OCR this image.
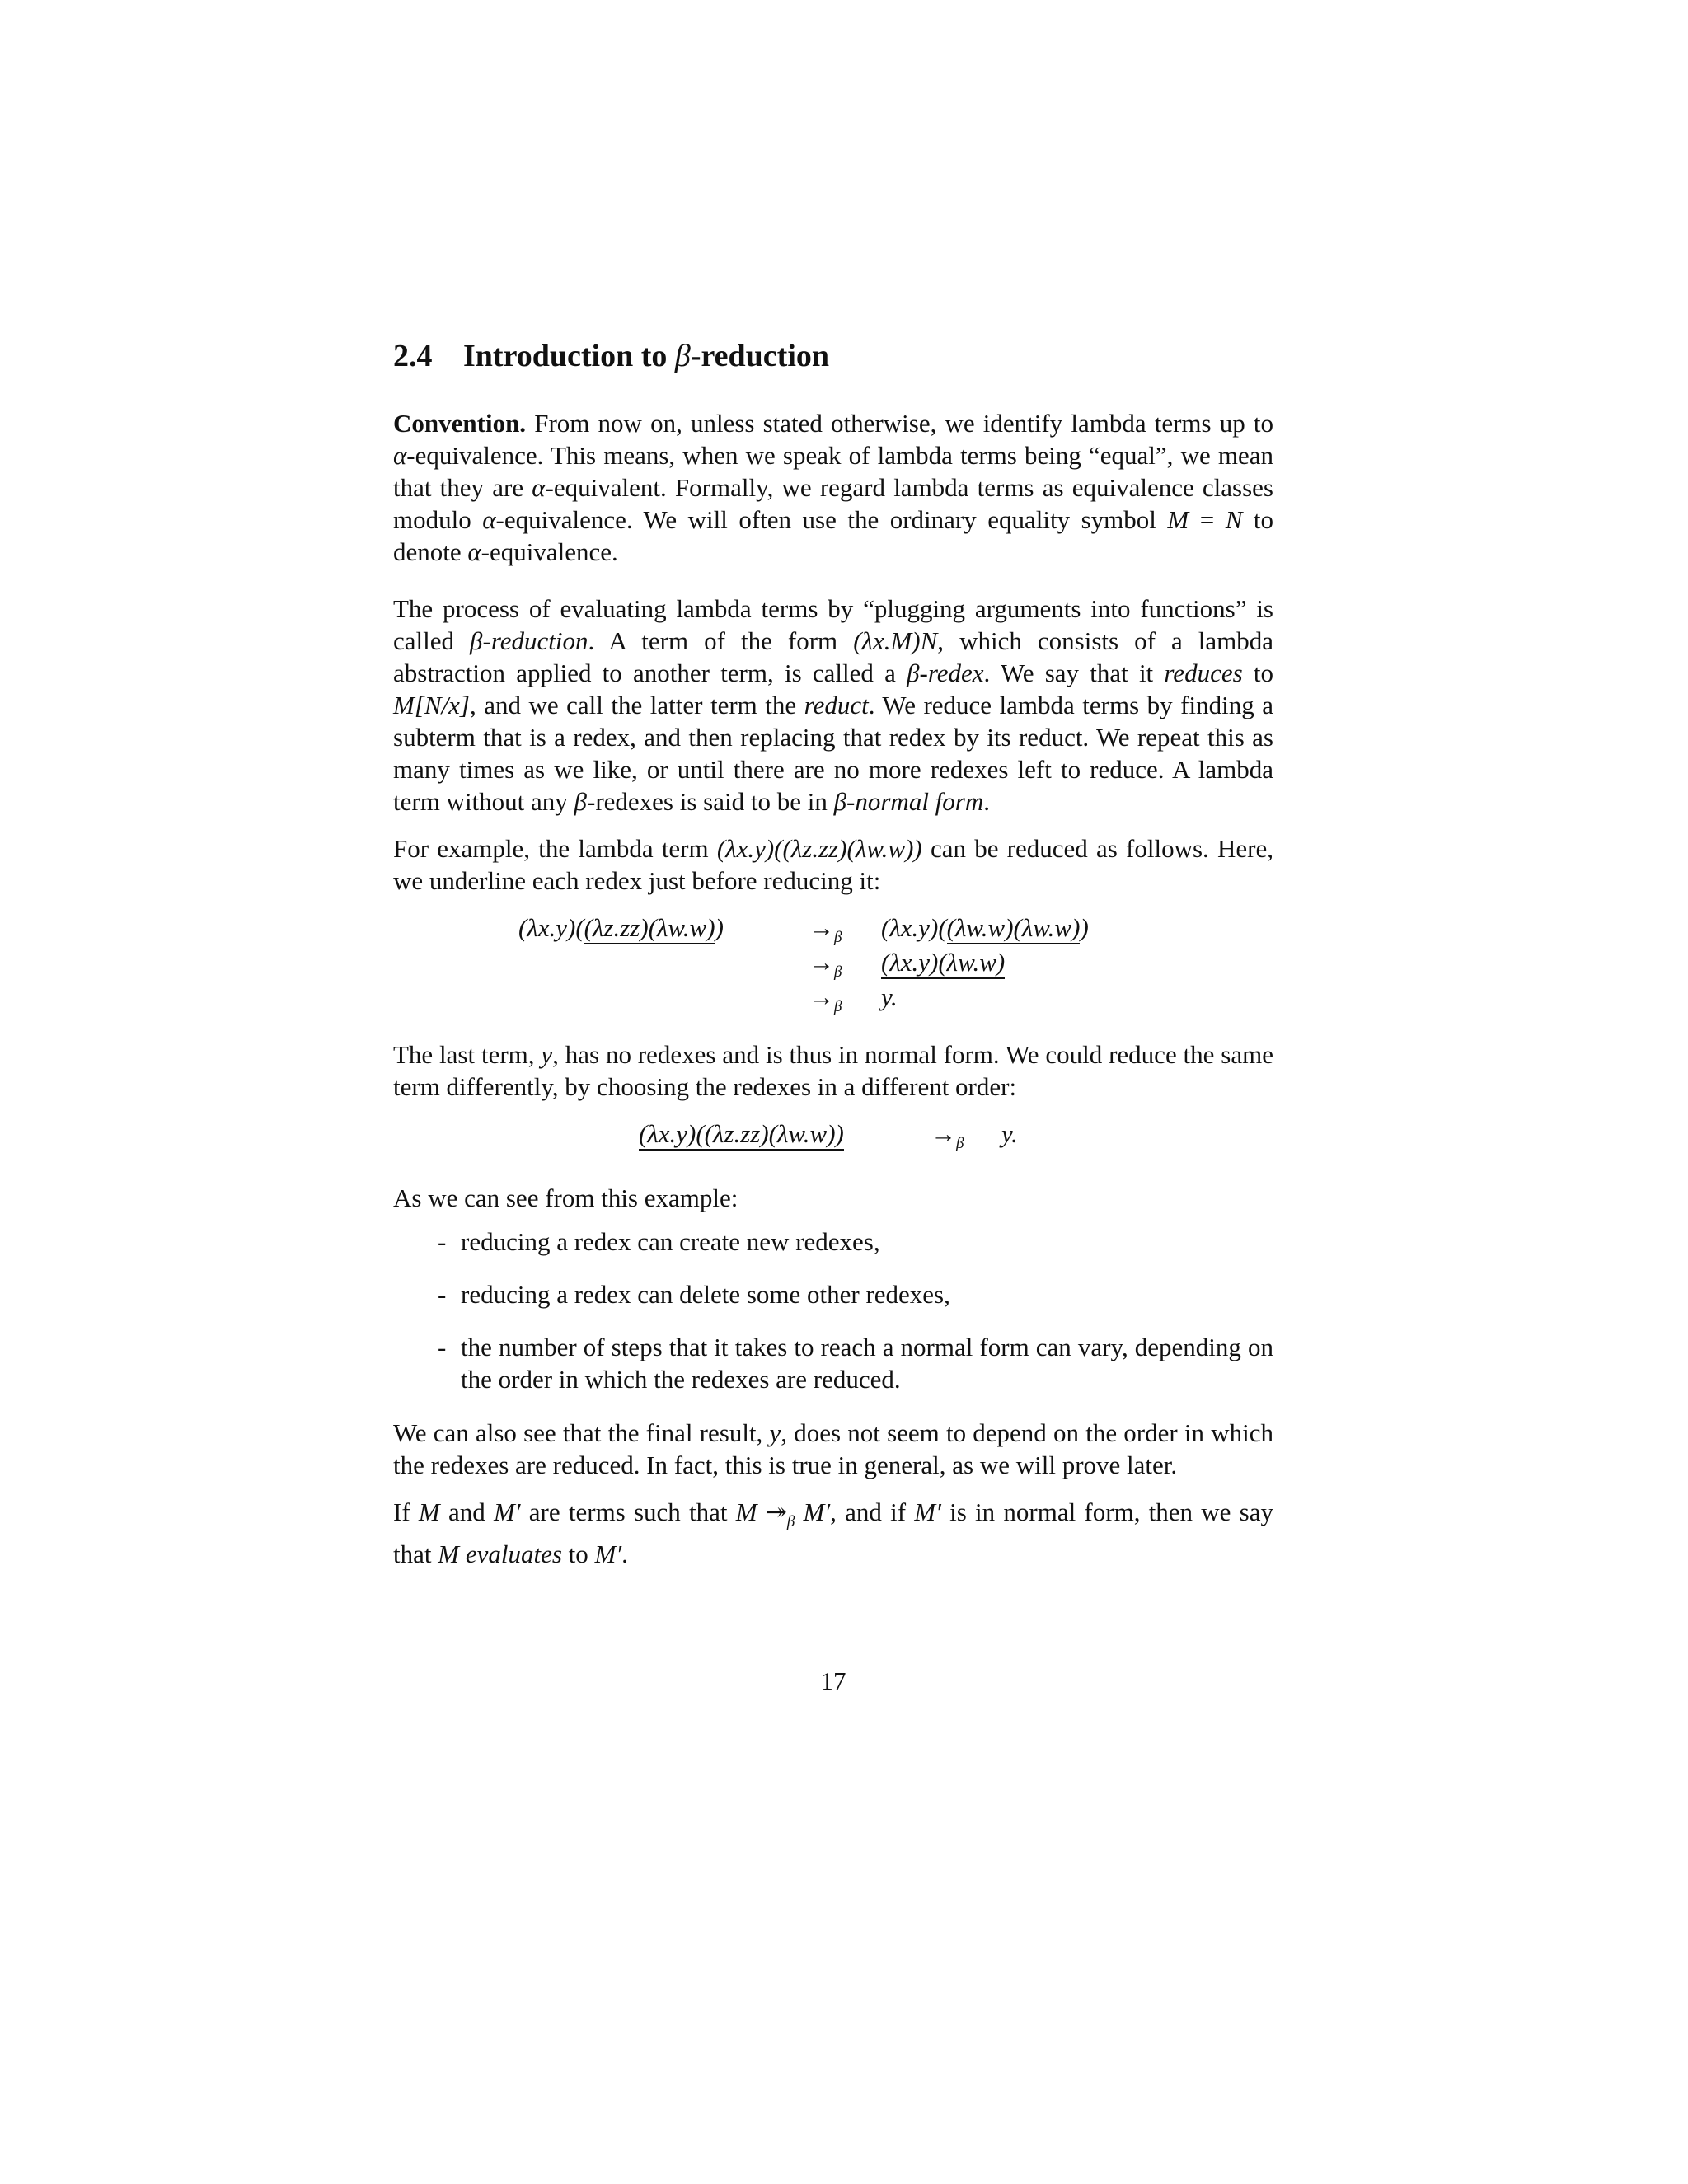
2.4 Introduction to β-reduction

Convention. From now on, unless stated otherwise, we identify lambda terms up to α-equivalence. This means, when we speak of lambda terms being “equal”, we mean that they are α-equivalent. Formally, we regard lambda terms as equivalence classes modulo α-equivalence. We will often use the ordinary equality symbol M = N to denote α-equivalence.

The process of evaluating lambda terms by “plugging arguments into functions” is called β-reduction. A term of the form (λx.M)N, which consists of a lambda abstraction applied to another term, is called a β-redex. We say that it reduces to M[N/x], and we call the latter term the reduct. We reduce lambda terms by finding a subterm that is a redex, and then replacing that redex by its reduct. We repeat this as many times as we like, or until there are no more redexes left to reduce. A lambda term without any β-redexes is said to be in β-normal form.

For example, the lambda term (λx.y)((λz.zz)(λw.w)) can be reduced as follows. Here, we underline each redex just before reducing it:

(λx.y)((λz.zz)(λw.w))	$\to_\beta$ (λx.y)((λw.w)(λw.w))
$\to_\beta$ (λx.y)(λw.w)
$\to_\beta$ y.

The last term, y, has no redexes and is thus in normal form. We could reduce the same term differently, by choosing the redexes in a different order:

(λx.y)((λz.zz)(λw.w))	$\to_\beta$ y.

As we can see from this example:

- reducing a redex can create new redexes,
- reducing a redex can delete some other redexes,
- the number of steps that it takes to reach a normal form can vary, depending on the order in which the redexes are reduced.

We can also see that the final result, y, does not seem to depend on the order in which the redexes are reduced. In fact, this is true in general, as we will prove later.

If M and M′ are terms such that M $↠_\beta$ M′, and if M′ is in normal form, then we say that M evaluates to M′.

17
